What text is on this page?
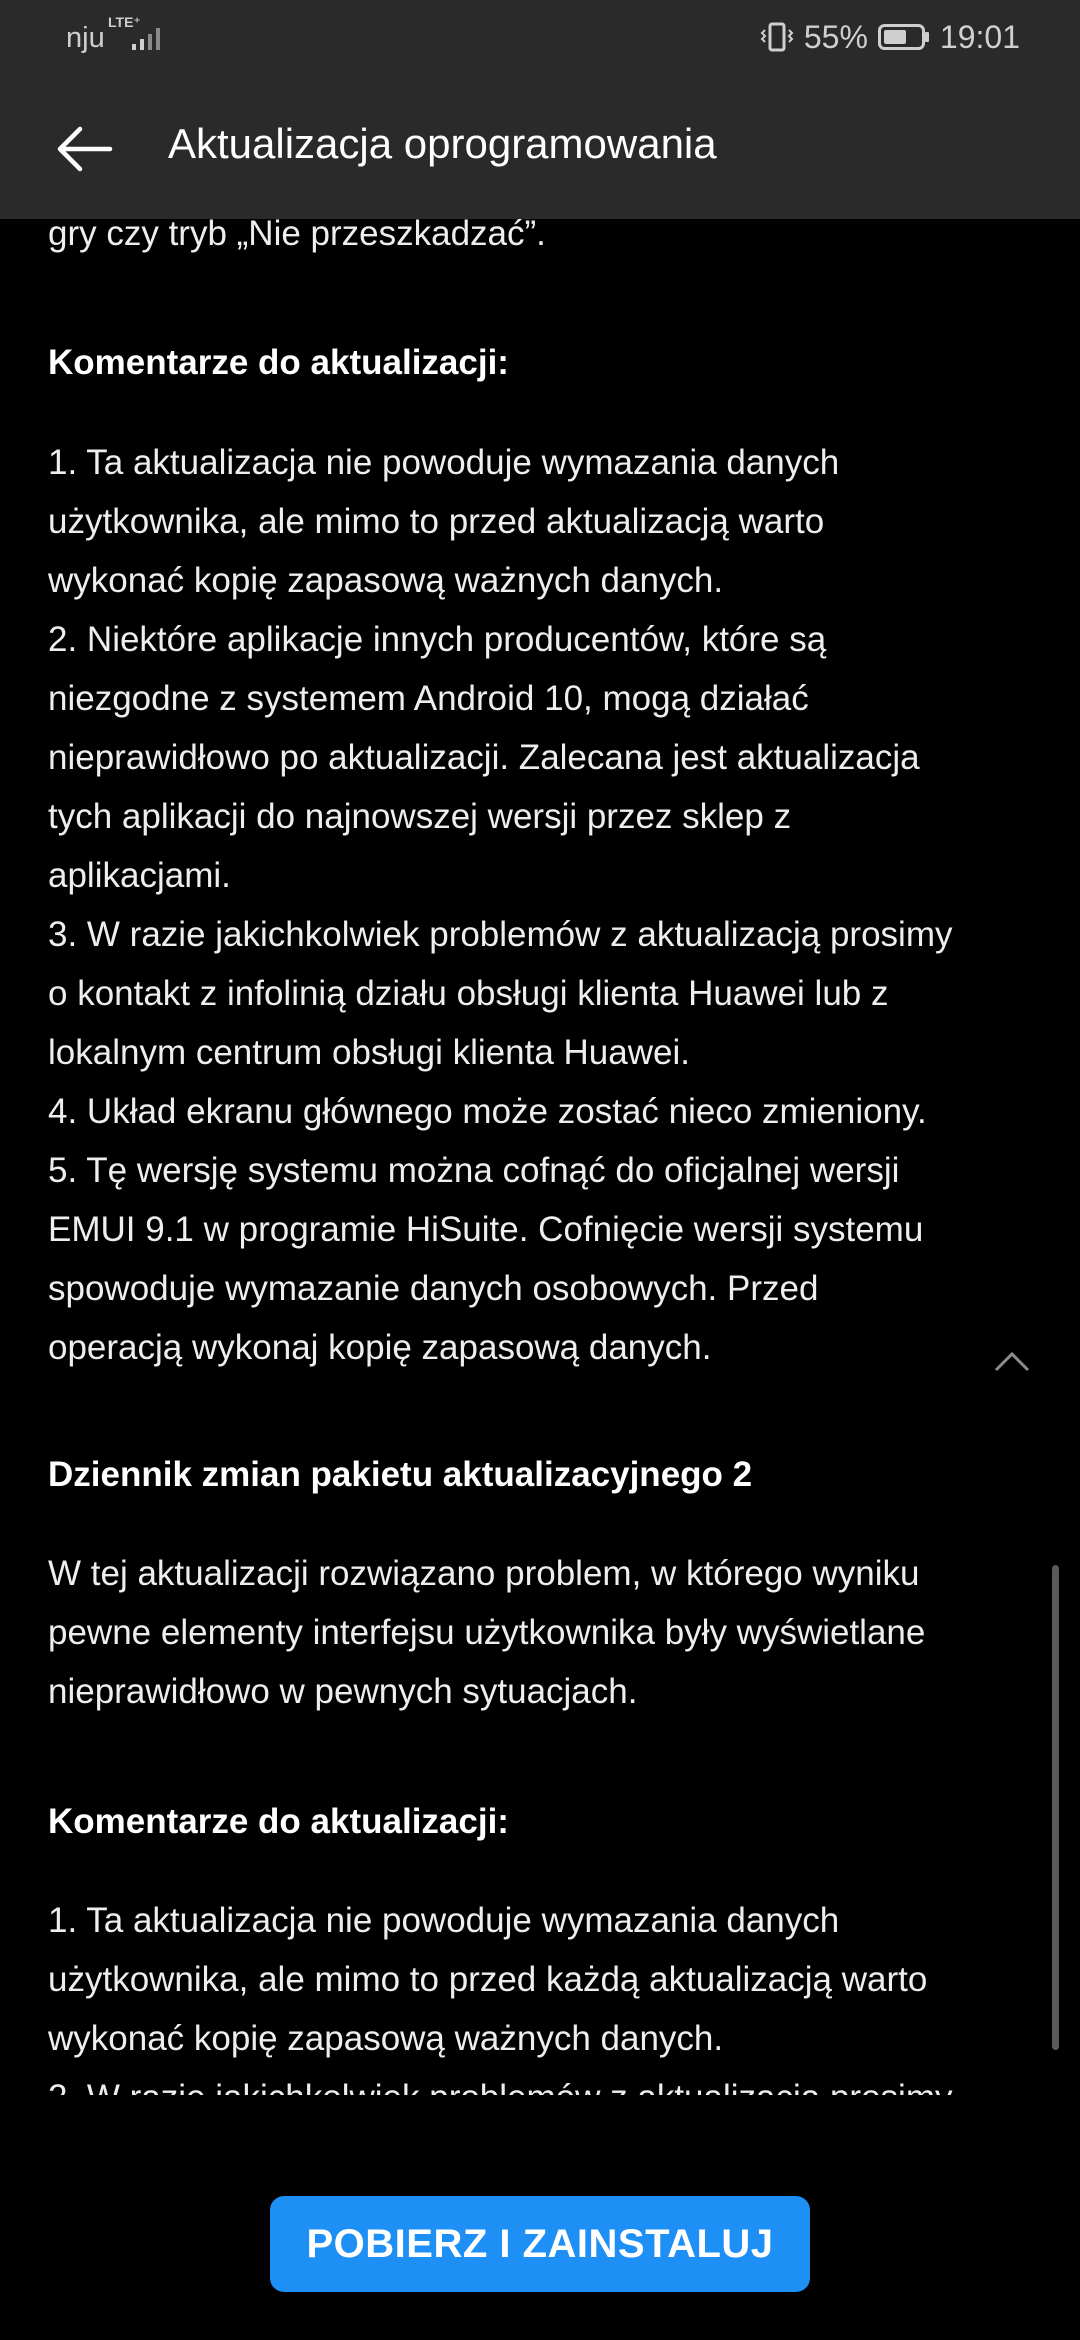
nju LTE⁺	55% 19:01
Aktualizacja oprogramowania
gry czy tryb „Nie przeszkadzać”.
Komentarze do aktualizacji:
1. Ta aktualizacja nie powoduje wymazania danych
użytkownika, ale mimo to przed aktualizacją warto
wykonać kopię zapasową ważnych danych.
2. Niektóre aplikacje innych producentów, które są
niezgodne z systemem Android 10, mogą działać
nieprawidłowo po aktualizacji. Zalecana jest aktualizacja
tych aplikacji do najnowszej wersji przez sklep z
aplikacjami.
3. W razie jakichkolwiek problemów z aktualizacją prosimy
o kontakt z infolinią działu obsługi klienta Huawei lub z
lokalnym centrum obsługi klienta Huawei.
4. Układ ekranu głównego może zostać nieco zmieniony.
5. Tę wersję systemu można cofnąć do oficjalnej wersji
EMUI 9.1 w programie HiSuite. Cofnięcie wersji systemu
spowoduje wymazanie danych osobowych. Przed
operacją wykonaj kopię zapasową danych.
Dziennik zmian pakietu aktualizacyjnego 2
W tej aktualizacji rozwiązano problem, w którego wyniku
pewne elementy interfejsu użytkownika były wyświetlane
nieprawidłowo w pewnych sytuacjach.
Komentarze do aktualizacji:
1. Ta aktualizacja nie powoduje wymazania danych
użytkownika, ale mimo to przed każdą aktualizacją warto
wykonać kopię zapasową ważnych danych.
POBIERZ I ZAINSTALUJ
